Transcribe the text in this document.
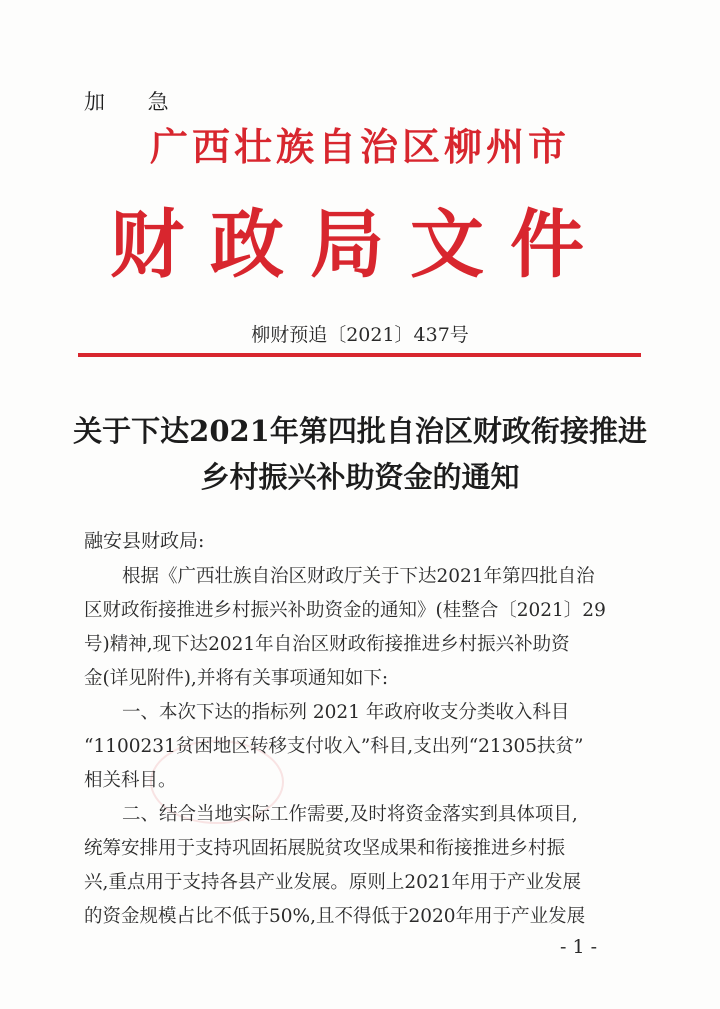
加 急
广西壮族自治区柳州市
财政局文件
柳财预追〔2021〕437号
关于下达2021年第四批自治区财政衔接推进
乡村振兴补助资金的通知
融安县财政局:
根据《广西壮族自治区财政厅关于下达2021年第四批自治
区财政衔接推进乡村振兴补助资金的通知》(桂整合〔2021〕29
号)精神,现下达2021年自治区财政衔接推进乡村振兴补助资
金(详见附件),并将有关事项通知如下:
一、本次下达的指标列 2021 年政府收支分类收入科目
“1100231贫困地区转移支付收入”科目,支出列“21305扶贫”
相关科目。
二、结合当地实际工作需要,及时将资金落实到具体项目,
统筹安排用于支持巩固拓展脱贫攻坚成果和衔接推进乡村振
兴,重点用于支持各县产业发展。原则上2021年用于产业发展
的资金规模占比不低于50%,且不得低于2020年用于产业发展
- 1 -
